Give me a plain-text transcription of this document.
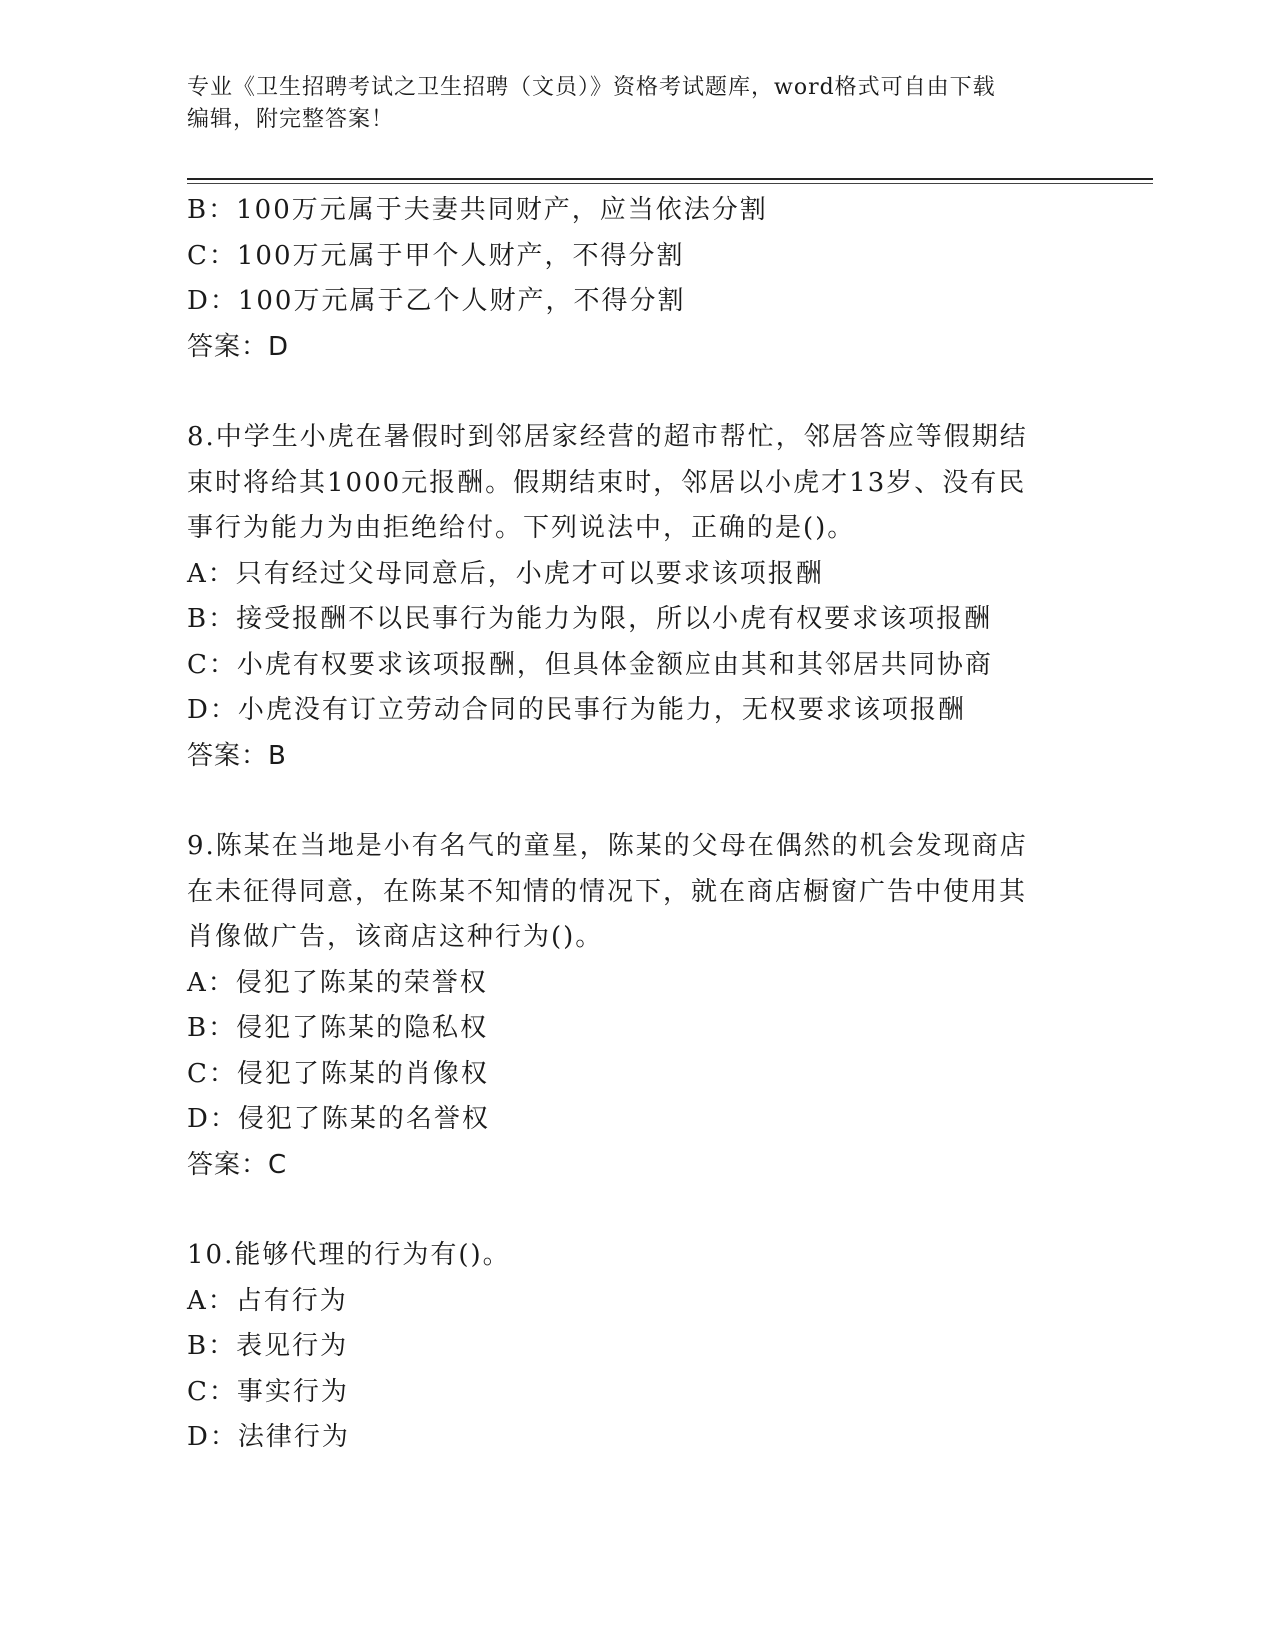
专业《卫生招聘考试之卫生招聘（文员）》资格考试题库，word格式可自由下载
编辑，附完整答案！
B：100万元属于夫妻共同财产，应当依法分割
C：100万元属于甲个人财产，不得分割
D：100万元属于乙个人财产，不得分割
答案：D
8.中学生小虎在暑假时到邻居家经营的超市帮忙，邻居答应等假期结
束时将给其1000元报酬。假期结束时，邻居以小虎才13岁、没有民
事行为能力为由拒绝给付。下列说法中，正确的是()。
A：只有经过父母同意后，小虎才可以要求该项报酬
B：接受报酬不以民事行为能力为限，所以小虎有权要求该项报酬
C：小虎有权要求该项报酬，但具体金额应由其和其邻居共同协商
D：小虎没有订立劳动合同的民事行为能力，无权要求该项报酬
答案：B
9.陈某在当地是小有名气的童星，陈某的父母在偶然的机会发现商店
在未征得同意，在陈某不知情的情况下，就在商店橱窗广告中使用其
肖像做广告，该商店这种行为()。
A：侵犯了陈某的荣誉权
B：侵犯了陈某的隐私权
C：侵犯了陈某的肖像权
D：侵犯了陈某的名誉权
答案：C
10.能够代理的行为有()。
A：占有行为
B：表见行为
C：事实行为
D：法律行为
